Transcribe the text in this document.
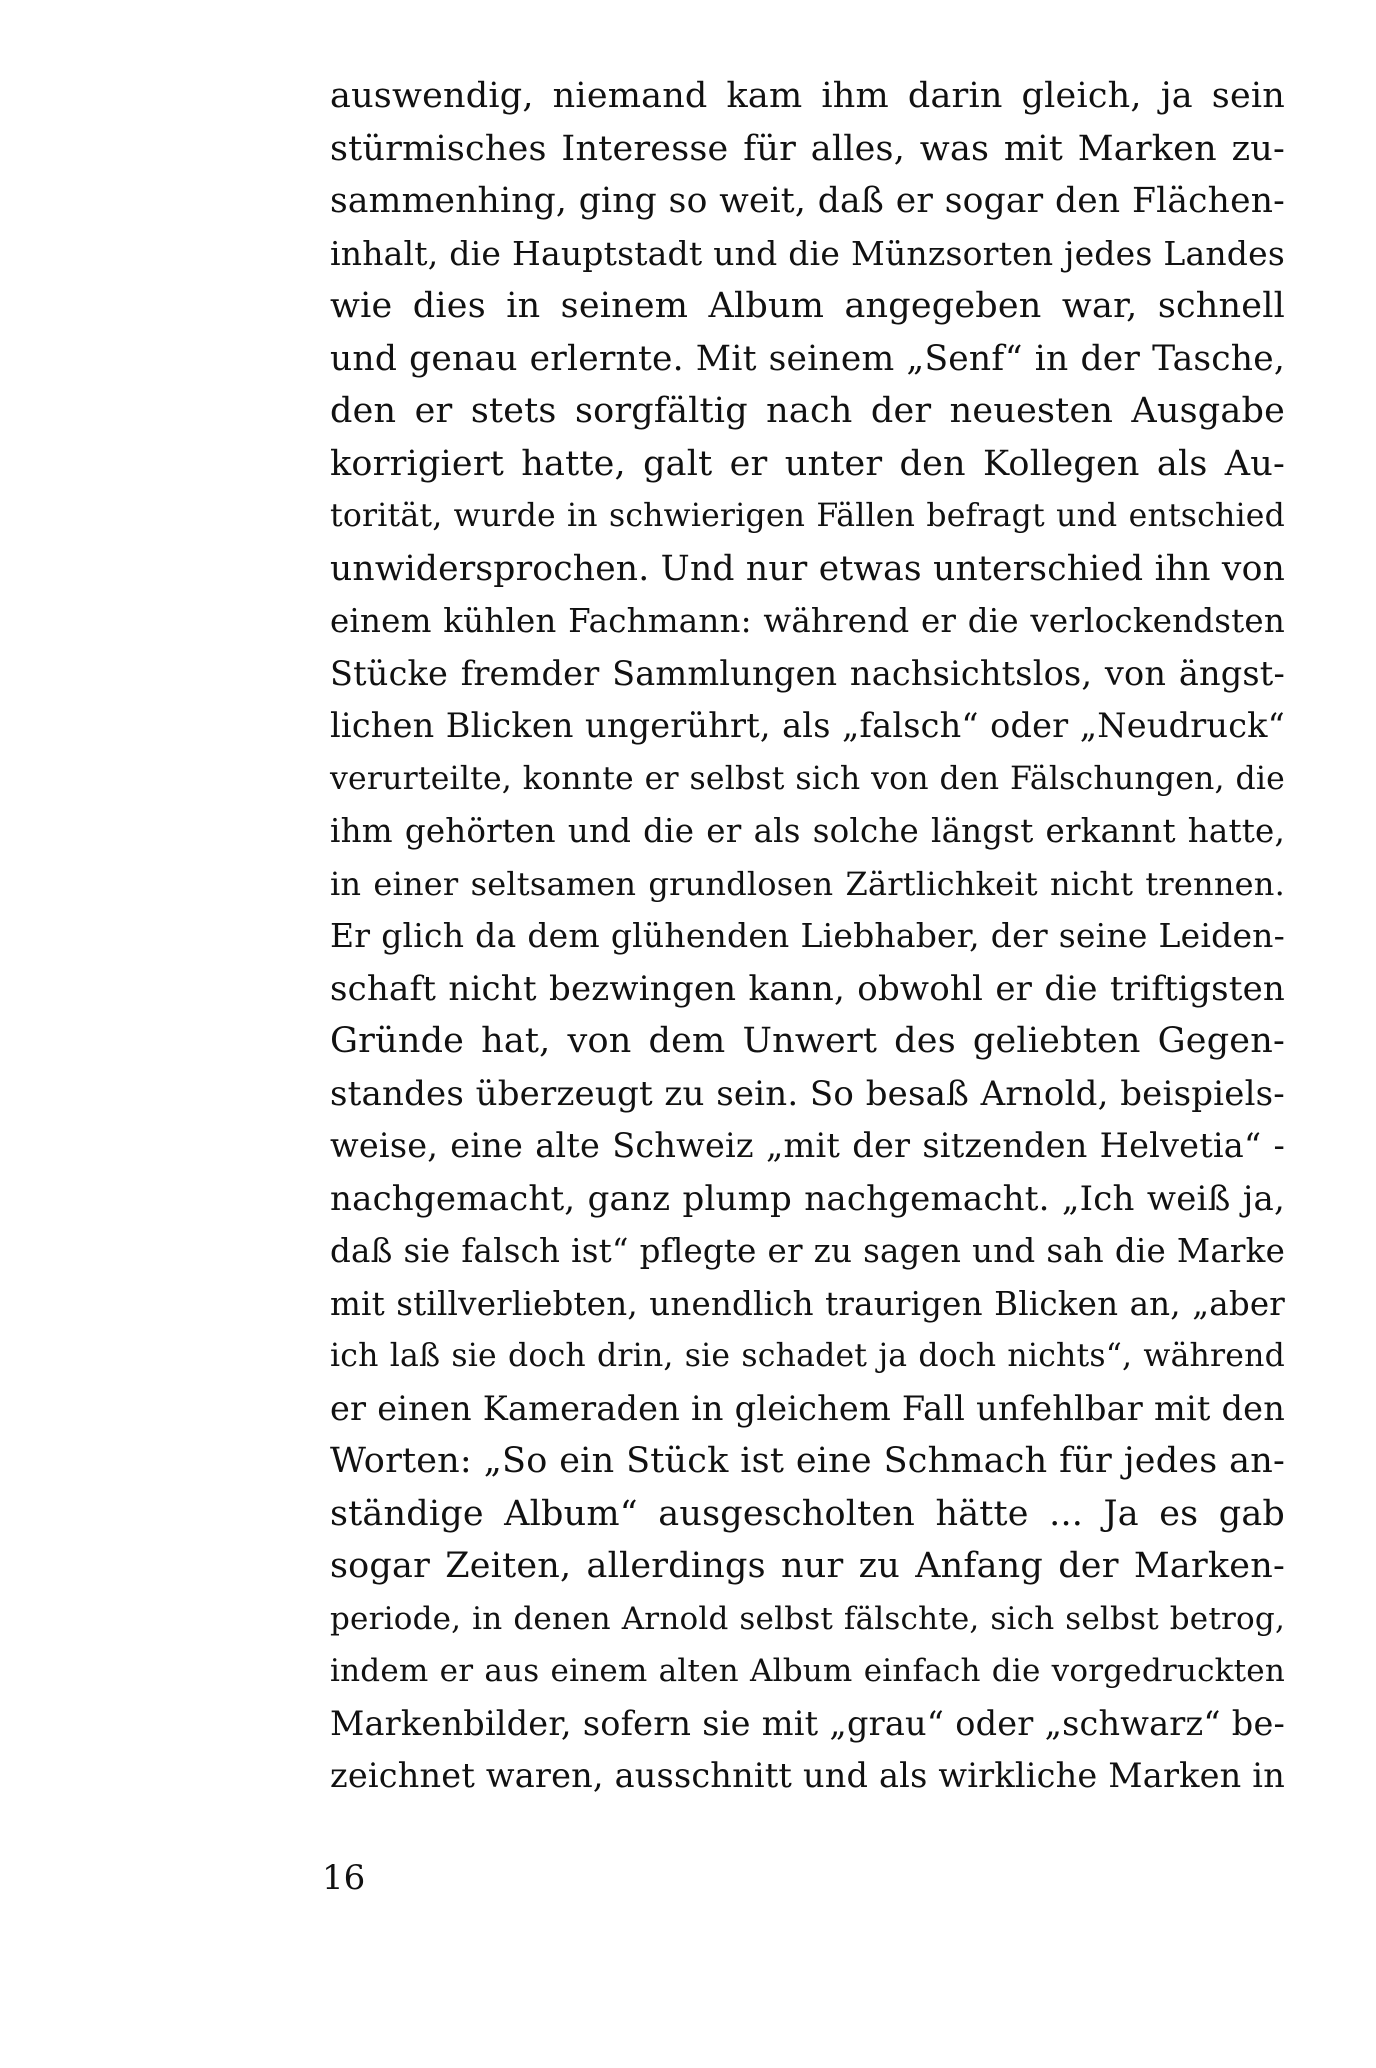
auswendig, niemand kam ihm darin gleich, ja sein
stürmisches Interesse für alles, was mit Marken zu-
sammenhing, ging so weit, daß er sogar den Flächen-
inhalt, die Hauptstadt und die Münzsorten jedes Landes
wie dies in seinem Album angegeben war, schnell
und genau erlernte. Mit seinem „Senf“ in der Tasche,
den er stets sorgfältig nach der neuesten Ausgabe
korrigiert hatte, galt er unter den Kollegen als Au-
torität, wurde in schwierigen Fällen befragt und entschied
unwidersprochen. Und nur etwas unterschied ihn von
einem kühlen Fachmann: während er die verlockendsten
Stücke fremder Sammlungen nachsichtslos, von ängst-
lichen Blicken ungerührt, als „falsch“ oder „Neudruck“
verurteilte, konnte er selbst sich von den Fälschungen, die
ihm gehörten und die er als solche längst erkannt hatte,
in einer seltsamen grundlosen Zärtlichkeit nicht trennen.
Er glich da dem glühenden Liebhaber, der seine Leiden-
schaft nicht bezwingen kann, obwohl er die triftigsten
Gründe hat, von dem Unwert des geliebten Gegen-
standes überzeugt zu sein. So besaß Arnold, beispiels-
weise, eine alte Schweiz „mit der sitzenden Helvetia“ -
nachgemacht, ganz plump nachgemacht. „Ich weiß ja,
daß sie falsch ist“ pflegte er zu sagen und sah die Marke
mit stillverliebten, unendlich traurigen Blicken an, „aber
ich laß sie doch drin, sie schadet ja doch nichts“, während
er einen Kameraden in gleichem Fall unfehlbar mit den
Worten: „So ein Stück ist eine Schmach für jedes an-
ständige Album“ ausgescholten hätte ... Ja es gab
sogar Zeiten, allerdings nur zu Anfang der Marken-
periode, in denen Arnold selbst fälschte, sich selbst betrog,
indem er aus einem alten Album einfach die vorgedruckten
Markenbilder, sofern sie mit „grau“ oder „schwarz“ be-
zeichnet waren, ausschnitt und als wirkliche Marken in
16
